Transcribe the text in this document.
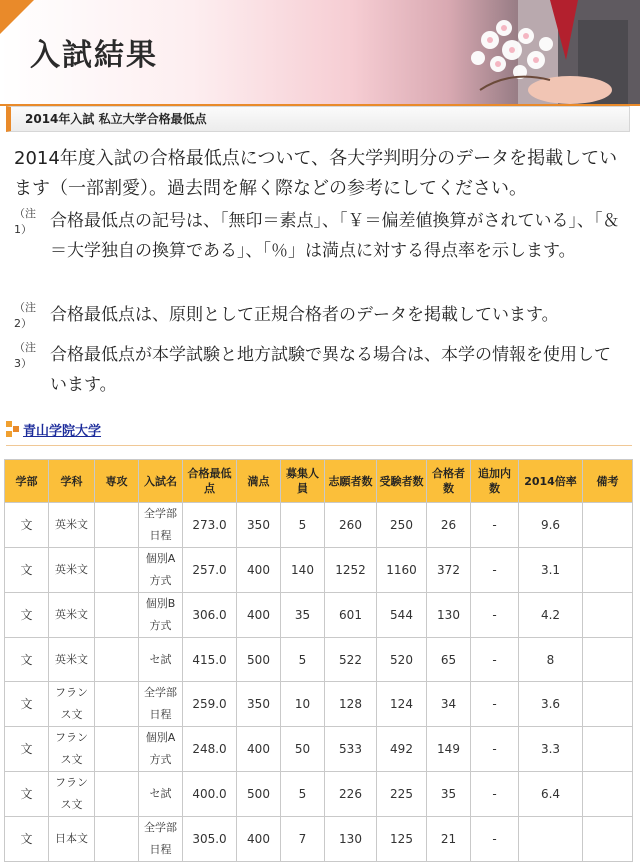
入試結果
2014年入試 私立大学合格最低点
2014年度入試の合格最低点について、各大学判明分のデータを掲載しています（一部割愛）。過去問を解く際などの参考にしてください。
（注1）	合格最低点の記号は、「無印＝素点」、「￥＝偏差値換算がされている」、「＆＝大学独自の換算である」、「％」は満点に対する得点率を示します。
（注2）	合格最低点は、原則として正規合格者のデータを掲載しています。
（注3）	合格最低点が本学試験と地方試験で異なる場合は、本学の情報を使用しています。
青山学院大学
学部	学科	専攻	入試名	合格最低点	満点	募集人員	志願者数	受験者数	合格者数	追加内数	2014倍率	備考
文	英米文		全学部日程	273.0	350	5	260	250	26	-	9.6	
文	英米文		個別A方式	257.0	400	140	1252	1160	372	-	3.1	
文	英米文		個別B方式	306.0	400	35	601	544	130	-	4.2	
文	英米文		セ試	415.0	500	5	522	520	65	-	8	
文	フランス文		全学部日程	259.0	350	10	128	124	34	-	3.6	
文	フランス文		個別A方式	248.0	400	50	533	492	149	-	3.3	
文	フランス文		セ試	400.0	500	5	226	225	35	-	6.4	
文	日本文		全学部日程	305.0	400	7	130	125	21	-		
